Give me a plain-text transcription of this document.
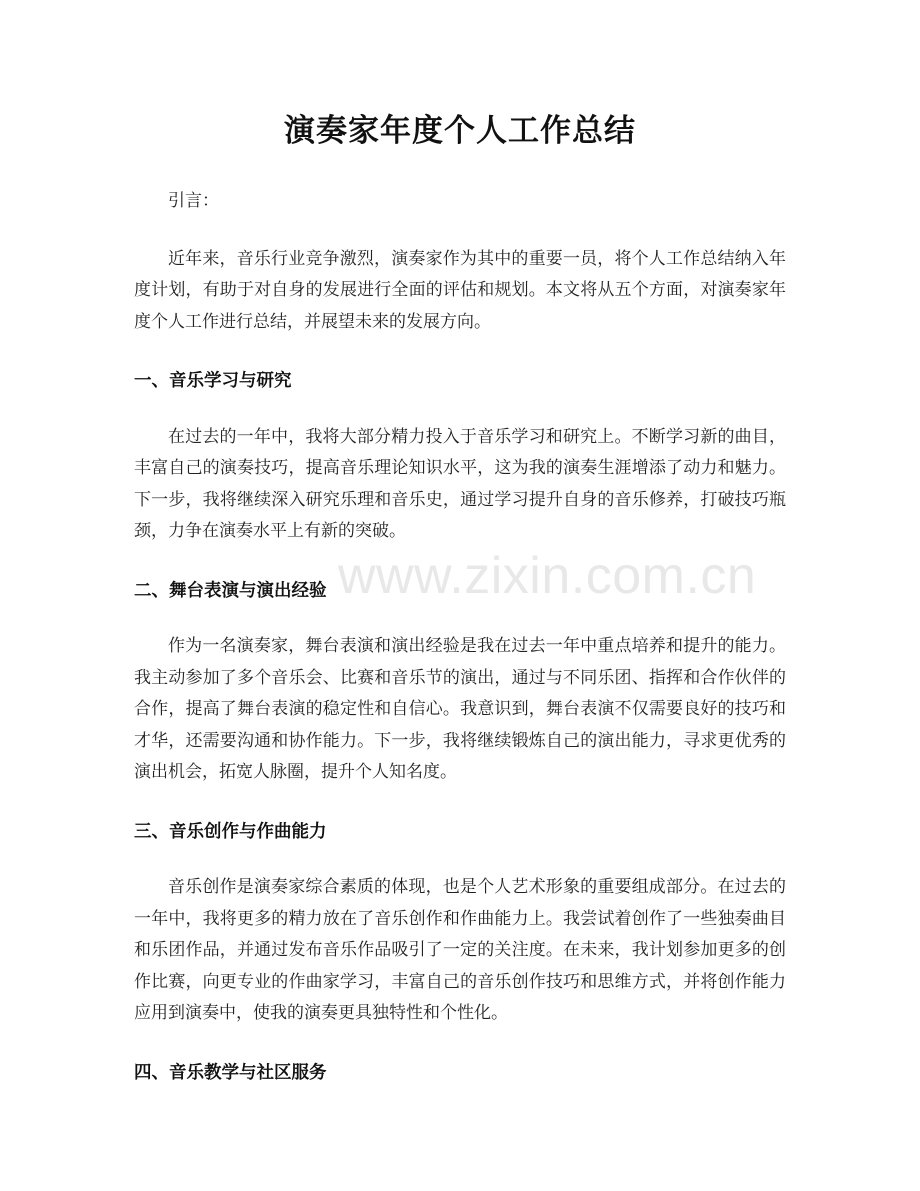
演奏家年度个人工作总结

引言：

近年来，音乐行业竞争激烈，演奏家作为其中的重要一员，将个人工作总结纳入年度计划，有助于对自身的发展进行全面的评估和规划。本文将从五个方面，对演奏家年度个人工作进行总结，并展望未来的发展方向。

一、音乐学习与研究

在过去的一年中，我将大部分精力投入于音乐学习和研究上。不断学习新的曲目，丰富自己的演奏技巧，提高音乐理论知识水平，这为我的演奏生涯增添了动力和魅力。下一步，我将继续深入研究乐理和音乐史，通过学习提升自身的音乐修养，打破技巧瓶颈，力争在演奏水平上有新的突破。

二、舞台表演与演出经验

作为一名演奏家，舞台表演和演出经验是我在过去一年中重点培养和提升的能力。我主动参加了多个音乐会、比赛和音乐节的演出，通过与不同乐团、指挥和合作伙伴的合作，提高了舞台表演的稳定性和自信心。我意识到，舞台表演不仅需要良好的技巧和才华，还需要沟通和协作能力。下一步，我将继续锻炼自己的演出能力，寻求更优秀的演出机会，拓宽人脉圈，提升个人知名度。

三、音乐创作与作曲能力

音乐创作是演奏家综合素质的体现，也是个人艺术形象的重要组成部分。在过去的一年中，我将更多的精力放在了音乐创作和作曲能力上。我尝试着创作了一些独奏曲目和乐团作品，并通过发布音乐作品吸引了一定的关注度。在未来，我计划参加更多的创作比赛，向更专业的作曲家学习，丰富自己的音乐创作技巧和思维方式，并将创作能力应用到演奏中，使我的演奏更具独特性和个性化。

四、音乐教学与社区服务
www.zixin.com.cn
